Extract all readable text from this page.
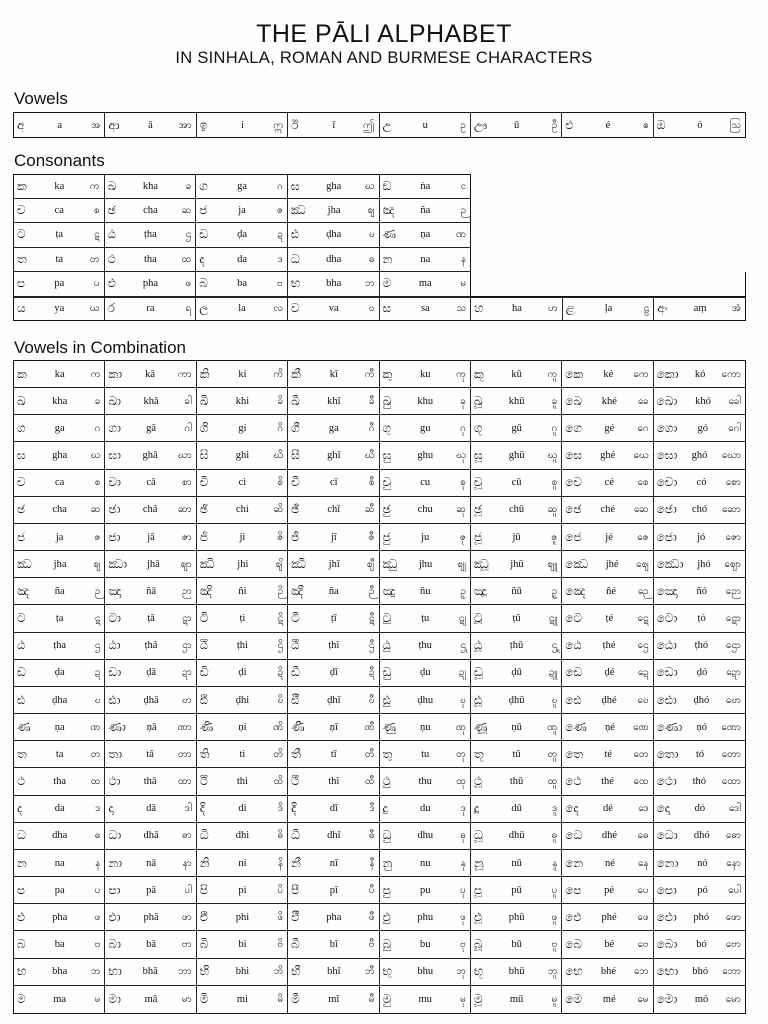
THE PĀLI ALPHABET
IN SINHALA, ROMAN AND BURMESE CHARACTERS
Vowels
අ	a	အ ආ	ā	အာ ඉ	i	ဣ ඊ	ī	ဤ උ	u	ဥ ඌ	ū	ဦ එ	é	ဧ ඔ	ó	ဩ
Consonants
ක	ka	က ඛ	kha	ခ ග	ga	ဂ ඝ	gha	ဃ ඞ	ṅa	င
ච	ca	စ ඡ	cha	ဆ ජ	ja	ဇ ඣ	jha	ဈ ඤ	ña	ဉ
ට	ṭa	ဋ ඨ	ṭha	ဌ ඩ	ḍa	ဍ ඪ	ḍha	ဎ ණ	ṇa	ဏ
ත	ta	တ ථ	tha	ထ ද	da	ဒ ධ	dha	ဓ න	na	န
ප	pa	ပ ඵ	pha	ဖ බ	ba	ဗ භ	bha	ဘ ම	ma	မ
ය	ya	ယ ර	ra	ရ ල	la	လ ව	va	ဝ ස	sa	သ හ	ha	ဟ ළ	ḷa	ဠ අං	aṃ	အံ
Vowels in Combination
ක	ka	က කා	kā	ကာ කි	ki	ကိ කී	kī	ကီ කු	ku	ကု කූ	kū	ကူ කෙ	ké	ကေ කො	kó	ကော
ඛ	kha	ခ ඛා	khā	ခါ ඛි	khi	ခိ ඛී	khī	ခီ ඛු	khu	ခု ඛූ	khū	ခူ ඛෙ	khé	ခေ ඛො	khó	ခေါ
ග	ga	ဂ ගා	gā	ဂါ ගි	gi	ဂိ ගී	ga	ဂီ ගු	gu	ဂု ගූ	gū	ဂူ ගෙ	gé	ဂေ ගො	gó	ဂေါ
ඝ	gha	ဃ ඝා	ghā	ဃာ ඝි	ghi	ဃိ ඝී	ghī	ဃီ ඝු	ghu	ဃု ඝූ	ghū	ဃူ ඝෙ	ghé	ဃေ ඝො	ghó	ဃော
ච	ca	စ චා	cā	စာ චි	ci	စိ චී	cī	စီ චු	cu	စု චූ	cū	စူ චෙ	cé	စေ චො	có	စော
ඡ	cha	ဆ ඡා	chā	ဆာ ඡි	chi	ဆိ ඡී	chī	ဆီ ඡු	chu	ဆု ඡූ	chū	ဆူ ඡෙ	ché	ဆေ ඡො	chó	ဆော
ජ	ja	ဇ ජා	jā	ဇာ ජි	ji	ဇိ ජී	jī	ဇီ ජු	ju	ဇု ජූ	jū	ဇူ ජෙ	jé	ဇေ ජො	jó	ဇော
ඣ	jha	ဈ ඣා	jhā	ဈာ ඣි	jhi	ဈိ ඣී	jhī	ဈီ ඣු	jhu	ဈု ඣූ	jhū	ဈူ ඣෙ	jhé	ဈေ ඣො	jhó	ဈော
ඤ	ña	ဉ ඤා	ñā	ဉာ ඤි	ñi	ဉိ ඤී	ña	ဉီ ඤු	ñu	ဉု ඤූ	ñū	ဉူ ඤෙ	ñé	ဉေ ඤො	ñó	ဉော
ට	ṭa	ဋ ටා	ṭā	ဋာ ටි	ṭi	ဋိ ටී	ṭī	ဋီ ටු	ṭu	ဋု ටූ	ṭū	ဋူ ටෙ	ṭé	ဋေ ටො	ṭó	ဋော
ඨ	ṭha	ဌ ඨා	ṭhā	ဌာ ඨි	ṭhi	ဌိ ඨී	ṭhī	ဌီ ඨු	ṭhu	ဌု ඨූ	ṭhū	ဌူ ඨෙ	ṭhé	ဌေ ඨො	ṭhó	ဌော
ඩ	ḍa	ဍ ඩා	ḍā	ဍာ ඩි	ḍi	ဍိ ඩී	ḍī	ဍီ ඩු	ḍu	ဍု ඩූ	ḍū	ဍူ ඩෙ	ḍé	ဍေ ඩො	ḍó	ဍော
ඪ	ḍha	ဎ ඪා	ḍhā	ဎာ ඪි	ḍhi	ဎိ ඪී	ḍhī	ဎီ ඪු	ḍhu	ဎု ඪූ	ḍhū	ဎူ ඪෙ	ḍhé	ဎေ ඪො	ḍhó	ဎော
ණ	ṇa	ဏ ණා	ṇā	ဏာ ණි	ṇi	ဏိ ණී	ṇī	ဏီ ණු	ṇu	ဏု ණූ	ṇū	ဏူ ණෙ	ṇé	ဏေ ණො	ṇó	ဏော
ත	ta	တ තා	tā	တာ ති	ti	တိ තී	tī	တီ තු	tu	တု තූ	tū	တူ තෙ	té	တေ තො	tó	တော
ථ	tha	ထ ථා	thā	ထာ ථි	thi	ထိ ථී	thī	ထီ ථු	thu	ထု ථූ	thū	ထူ ථෙ	thé	ထေ ථො	thó	ထော
ද	da	ဒ දා	dā	ဒါ දි	di	ဒိ දී	dī	ဒီ දු	du	ဒု දූ	dū	ဒူ දෙ	dé	ဒေ දො	dó	ဒေါ
ධ	dha	ဓ ධා	dhā	ဓာ ධි	dhi	ဓိ ධී	dhī	ဓီ ධු	dhu	ဓု ධූ	dhū	ဓူ ධෙ	dhé	ဓေ ධො	dhó	ဓော
න	na	န නා	nā	နာ නි	ni	နိ නී	nī	နီ නු	nu	နု නූ	nū	နူ නෙ	né	နေ නො	nó	နော
ප	pa	ပ පා	pā	ပါ පි	pi	ပိ පී	pī	ပီ පු	pu	ပု පූ	pū	ပူ පෙ	pé	ပေ පො	pó	ပေါ
ඵ	pha	ဖ ඵා	phā	ဖာ ඵි	phi	ဖိ ඵී	pha	ဖီ ඵු	phu	ဖု ඵූ	phū	ဖူ ඵෙ	phé	ဖေ ඵො	phó	ဖော
බ	ba	ဗ බා	bā	ဗာ බි	bi	ဗိ බී	bī	ဗီ බු	bu	ဗု බූ	bū	ဗူ බෙ	bé	ဗေ බො	bó	ဗော
භ	bha	ဘ භා	bhā	ဘာ භි	bhi	ဘိ භී	bhī	ဘီ භු	bhu	ဘု භූ	bhū	ဘူ භෙ	bhé	ဘေ භො	bhó	ဘော
ම	ma	မ මා	mā	မာ මි	mi	မိ මී	mī	မီ මු	mu	မု මූ	mū	မူ මෙ	mé	မေ මො	mó	မော
